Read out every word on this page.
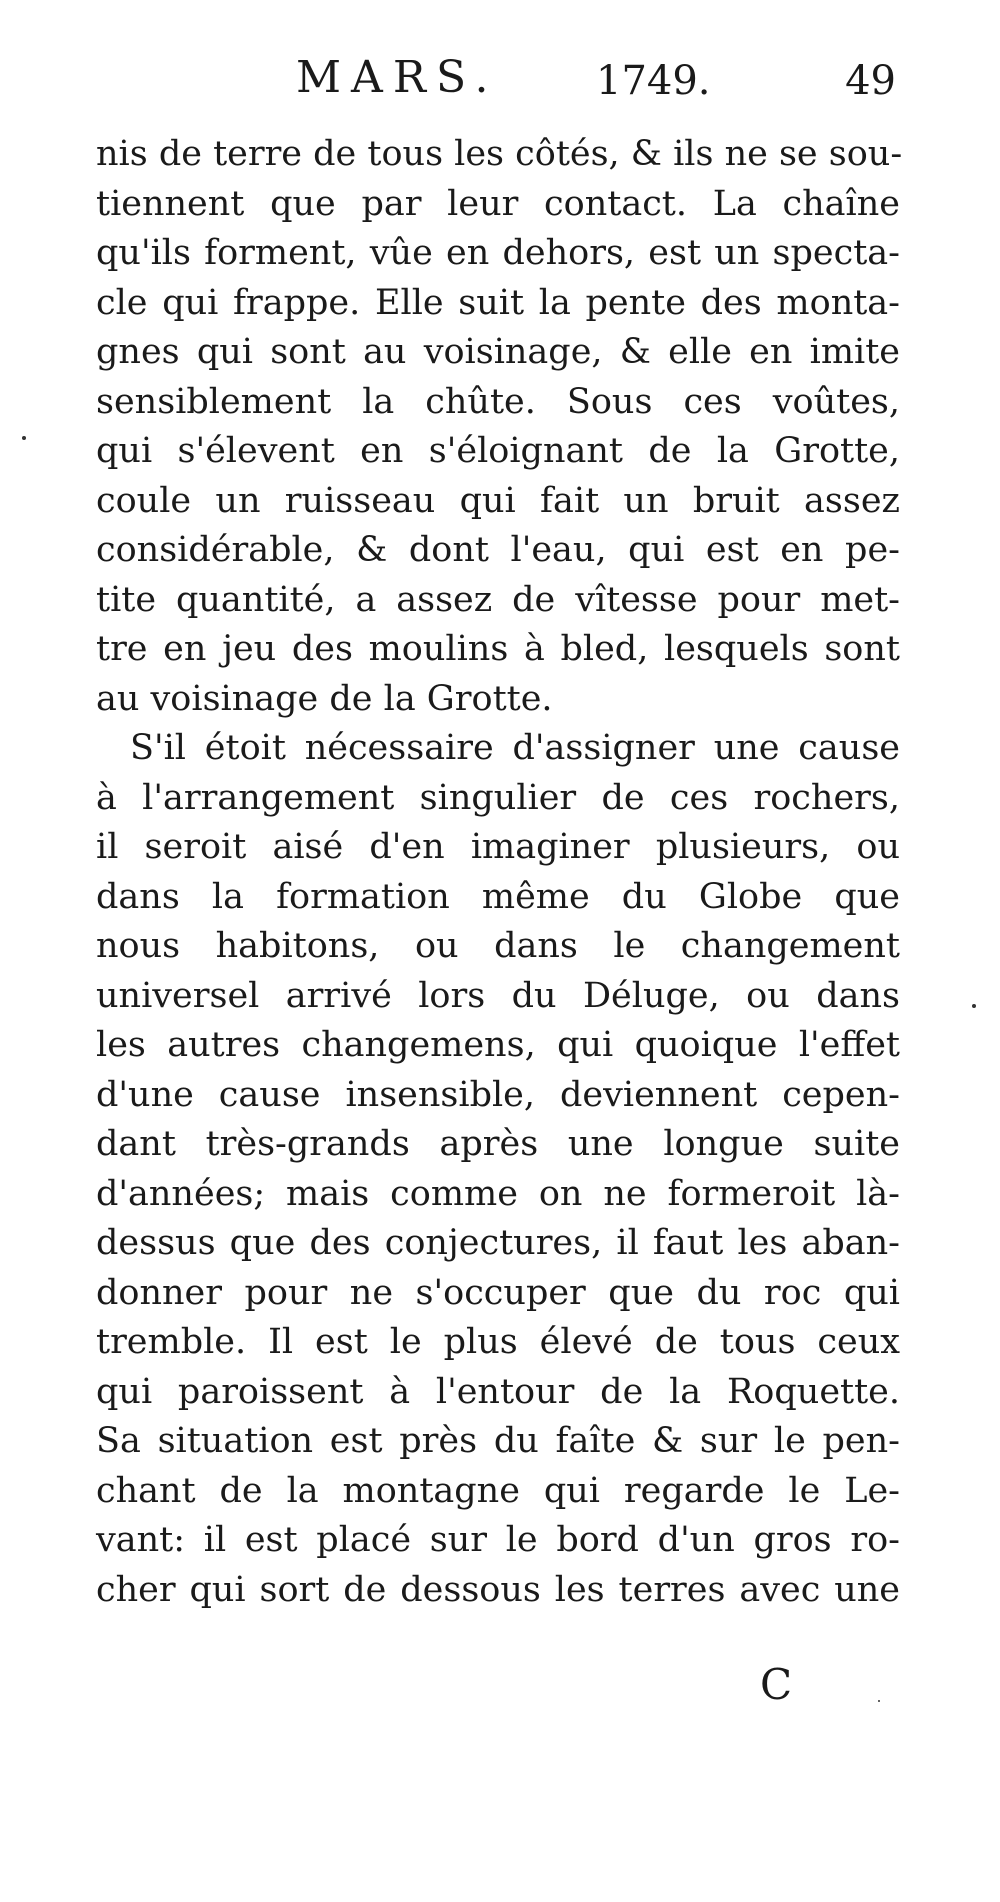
MARS. 1749.	49
nis de terre de tous les côtés, & ils ne se sou-
tiennent que par leur contact. La chaîne
qu'ils forment, vûe en dehors, est un specta-
cle qui frappe. Elle suit la pente des monta-
gnes qui sont au voisinage, & elle en imite
sensiblement la chûte. Sous ces voûtes,
qui s'élevent en s'éloignant de la Grotte,
coule un ruisseau qui fait un bruit assez
considérable, & dont l'eau, qui est en pe-
tite quantité, a assez de vîtesse pour met-
tre en jeu des moulins à bled, lesquels sont
au voisinage de la Grotte.
S'il étoit nécessaire d'assigner une cause
à l'arrangement singulier de ces rochers,
il seroit aisé d'en imaginer plusieurs, ou
dans la formation même du Globe que
nous habitons, ou dans le changement
universel arrivé lors du Déluge, ou dans
les autres changemens, qui quoique l'effet
d'une cause insensible, deviennent cepen-
dant très-grands après une longue suite
d'années; mais comme on ne formeroit là-
dessus que des conjectures, il faut les aban-
donner pour ne s'occuper que du roc qui
tremble. Il est le plus élevé de tous ceux
qui paroissent à l'entour de la Roquette.
Sa situation est près du faîte & sur le pen-
chant de la montagne qui regarde le Le-
vant: il est placé sur le bord d'un gros ro-
cher qui sort de dessous les terres avec une
C
